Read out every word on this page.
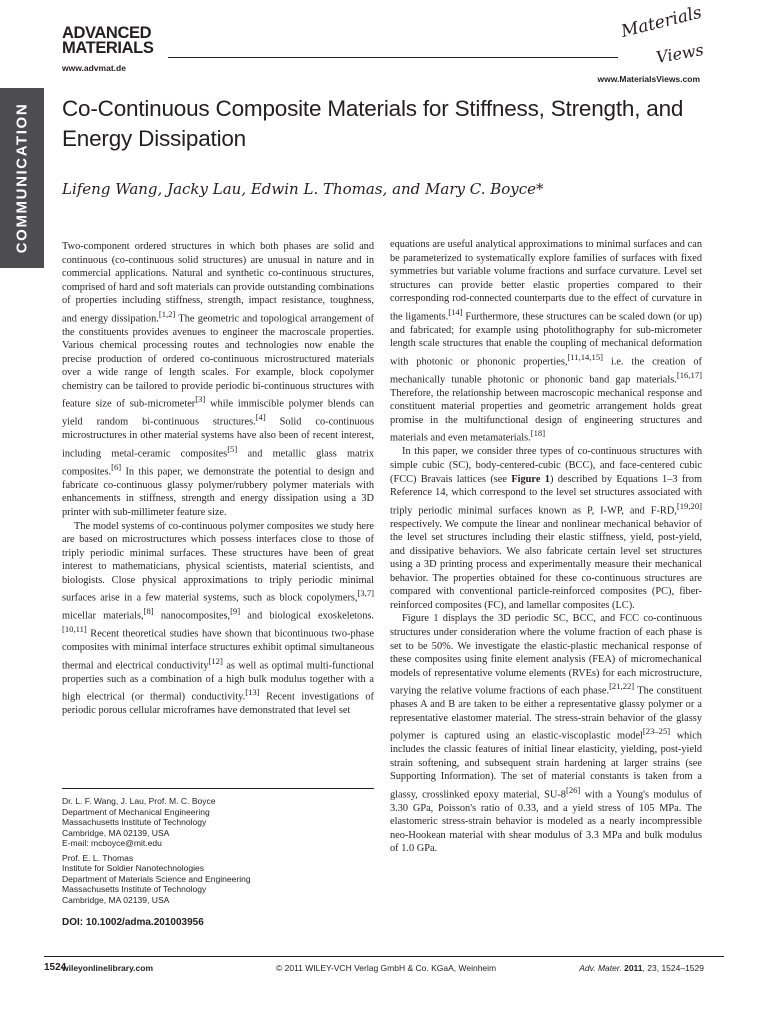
ADVANCED
MATERIALS
www.advmat.de
Materials
Views
www.MaterialsViews.com
COMMUNICATION Co-Continuous Composite Materials for Stiffness, Strength, and Energy Dissipation
Lifeng Wang, Jacky Lau, Edwin L. Thomas, and Mary C. Boyce*

Two-component ordered structures in which both phases are solid and continuous (co-continuous solid structures) are unusual in nature and in commercial applications. Natural and synthetic co-continuous structures, comprised of hard and soft materials can provide outstanding combinations of properties including stiffness, strength, impact resistance, toughness, and energy dissipation.[1,2] The geometric and topological arrangement of the constituents provides avenues to engineer the macroscale properties. Various chemical processing routes and technologies now enable the precise production of ordered co-continuous microstructured materials over a wide range of length scales. For example, block copolymer chemistry can be tailored to provide periodic bi-continuous structures with feature size of sub-micrometer[3] while immiscible polymer blends can yield random bi-continuous structures.[4] Solid co-continuous microstructures in other material systems have also been of recent interest, including metal-ceramic composites[5] and metallic glass matrix composites.[6] In this paper, we demonstrate the potential to design and fabricate co-continuous glassy polymer/rubbery polymer materials with enhancements in stiffness, strength and energy dissipation using a 3D printer with sub-millimeter feature size.

The model systems of co-continuous polymer composites we study here are based on microstructures which possess interfaces close to those of triply periodic minimal surfaces. These structures have been of great interest to mathematicians, physical scientists, material scientists, and biologists. Close physical approximations to triply periodic minimal surfaces arise in a few material systems, such as block copolymers,[3,7] micellar materials,[8] nanocomposites,[9] and biological exoskeletons.[10,11] Recent theoretical studies have shown that bicontinuous two-phase composites with minimal interface structures exhibit optimal simultaneous thermal and electrical conductivity[12] as well as optimal multi-functional properties such as a combination of a high bulk modulus together with a high electrical (or thermal) conductivity.[13] Recent investigations of periodic porous cellular microframes have demonstrated that level set

Dr. L. F. Wang, J. Lau, Prof. M. C. Boyce

Department of Mechanical Engineering

Massachusetts Institute of Technology

Cambridge, MA 02139, USA

E-mail: mcboyce@mit.edu

Prof. E. L. Thomas

Institute for Soldier Nanotechnologies

Department of Materials Science and Engineering

Massachusetts Institute of Technology

Cambridge, MA 02139, USA

DOI: 10.1002/adma.201003956

equations are useful analytical approximations to minimal surfaces and can be parameterized to systematically explore families of surfaces with fixed symmetries but variable volume fractions and surface curvature. Level set structures can provide better elastic properties compared to their corresponding rod-connected counterparts due to the effect of curvature in the ligaments.[14] Furthermore, these structures can be scaled down (or up) and fabricated; for example using photolithography for sub-micrometer length scale structures that enable the coupling of mechanical deformation with photonic or phononic properties,[11,14,15] i.e. the creation of mechanically tunable photonic or phononic band gap materials.[16,17] Therefore, the relationship between macroscopic mechanical response and constituent material properties and geometric arrangement holds great promise in the multifunctional design of engineering structures and materials and even metamaterials.[18]

In this paper, we consider three types of co-continuous structures with simple cubic (SC), body-centered-cubic (BCC), and face-centered cubic (FCC) Bravais lattices (see Figure 1) described by Equations 1–3 from Reference 14, which correspond to the level set structures associated with triply periodic minimal surfaces known as P, I-WP, and F-RD,[19,20] respectively. We compute the linear and nonlinear mechanical behavior of the level set structures including their elastic stiffness, yield, post-yield, and dissipative behaviors. We also fabricate certain level set structures using a 3D printing process and experimentally measure their mechanical behavior. The properties obtained for these co-continuous structures are compared with conventional particle-reinforced composites (PC), fiber-reinforced composites (FC), and lamellar composites (LC).

Figure 1 displays the 3D periodic SC, BCC, and FCC co-continuous structures under consideration where the volume fraction of each phase is set to be 50%. We investigate the elastic-plastic mechanical response of these composites using finite element analysis (FEA) of micromechanical models of representative volume elements (RVEs) for each microstructure, varying the relative volume fractions of each phase.[21,22] The constituent phases A and B are taken to be either a representative glassy polymer or a representative elastomer material. The stress-strain behavior of the glassy polymer is captured using an elastic-viscoplastic model[23–25] which includes the classic features of initial linear elasticity, yielding, post-yield strain softening, and subsequent strain hardening at larger strains (see Supporting Information). The set of material constants is taken from a glassy, crosslinked epoxy material, SU-8[26] with a Young's modulus of 3.30 GPa, Poisson's ratio of 0.33, and a yield stress of 105 MPa. The elastomeric stress-strain behavior is modeled as a nearly incompressible neo-Hookean material with shear modulus of 3.3 MPa and bulk modulus of 1.0 GPa.

1524
wileyonlinelibrary.com	© 2011 WILEY-VCH Verlag GmbH & Co. KGaA, Weinheim	Adv. Mater. 2011, 23, 1524–1529
